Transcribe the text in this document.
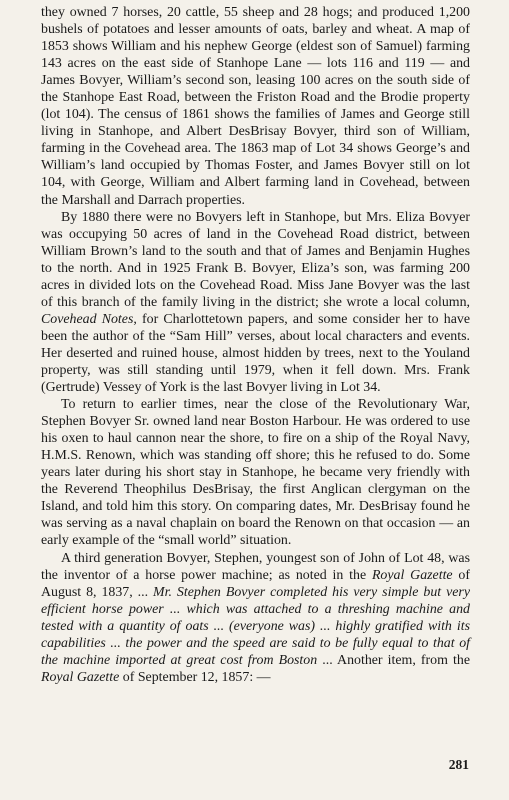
they owned 7 horses, 20 cattle, 55 sheep and 28 hogs; and produced 1,200 bushels of potatoes and lesser amounts of oats, barley and wheat. A map of 1853 shows William and his nephew George (eldest son of Samuel) farming 143 acres on the east side of Stanhope Lane — lots 116 and 119 — and James Bovyer, William’s second son, leasing 100 acres on the south side of the Stanhope East Road, between the Friston Road and the Brodie property (lot 104). The census of 1861 shows the families of James and George still living in Stanhope, and Albert DesBrisay Bovyer, third son of William, farming in the Covehead area. The 1863 map of Lot 34 shows George’s and William’s land occupied by Thomas Foster, and James Bovyer still on lot 104, with George, William and Albert farming land in Covehead, between the Marshall and Darrach properties.

By 1880 there were no Bovyers left in Stanhope, but Mrs. Eliza Bovyer was occupying 50 acres of land in the Covehead Road district, between William Brown’s land to the south and that of James and Benjamin Hughes to the north. And in 1925 Frank B. Bovyer, Eliza’s son, was farming 200 acres in divided lots on the Covehead Road. Miss Jane Bovyer was the last of this branch of the family living in the district; she wrote a local column, Covehead Notes, for Charlottetown papers, and some consider her to have been the author of the “Sam Hill” verses, about local characters and events. Her deserted and ruined house, almost hidden by trees, next to the Youland property, was still standing until 1979, when it fell down. Mrs. Frank (Gertrude) Vessey of York is the last Bovyer living in Lot 34.

To return to earlier times, near the close of the Revolutionary War, Stephen Bovyer Sr. owned land near Boston Harbour. He was ordered to use his oxen to haul cannon near the shore, to fire on a ship of the Royal Navy, H.M.S. Renown, which was standing off shore; this he refused to do. Some years later during his short stay in Stanhope, he became very friendly with the Reverend Theophilus DesBrisay, the first Anglican clergyman on the Island, and told him this story. On comparing dates, Mr. DesBrisay found he was serving as a naval chaplain on board the Renown on that occasion — an early example of the “small world” situation.

A third generation Bovyer, Stephen, youngest son of John of Lot 48, was the inventor of a horse power machine; as noted in the Royal Gazette of August 8, 1837, ... Mr. Stephen Bovyer completed his very simple but very efficient horse power ... which was attached to a threshing machine and tested with a quantity of oats ... (everyone was) ... highly gratified with its capabilities ... the power and the speed are said to be fully equal to that of the machine imported at great cost from Boston ... Another item, from the Royal Gazette of September 12, 1857: —

281
